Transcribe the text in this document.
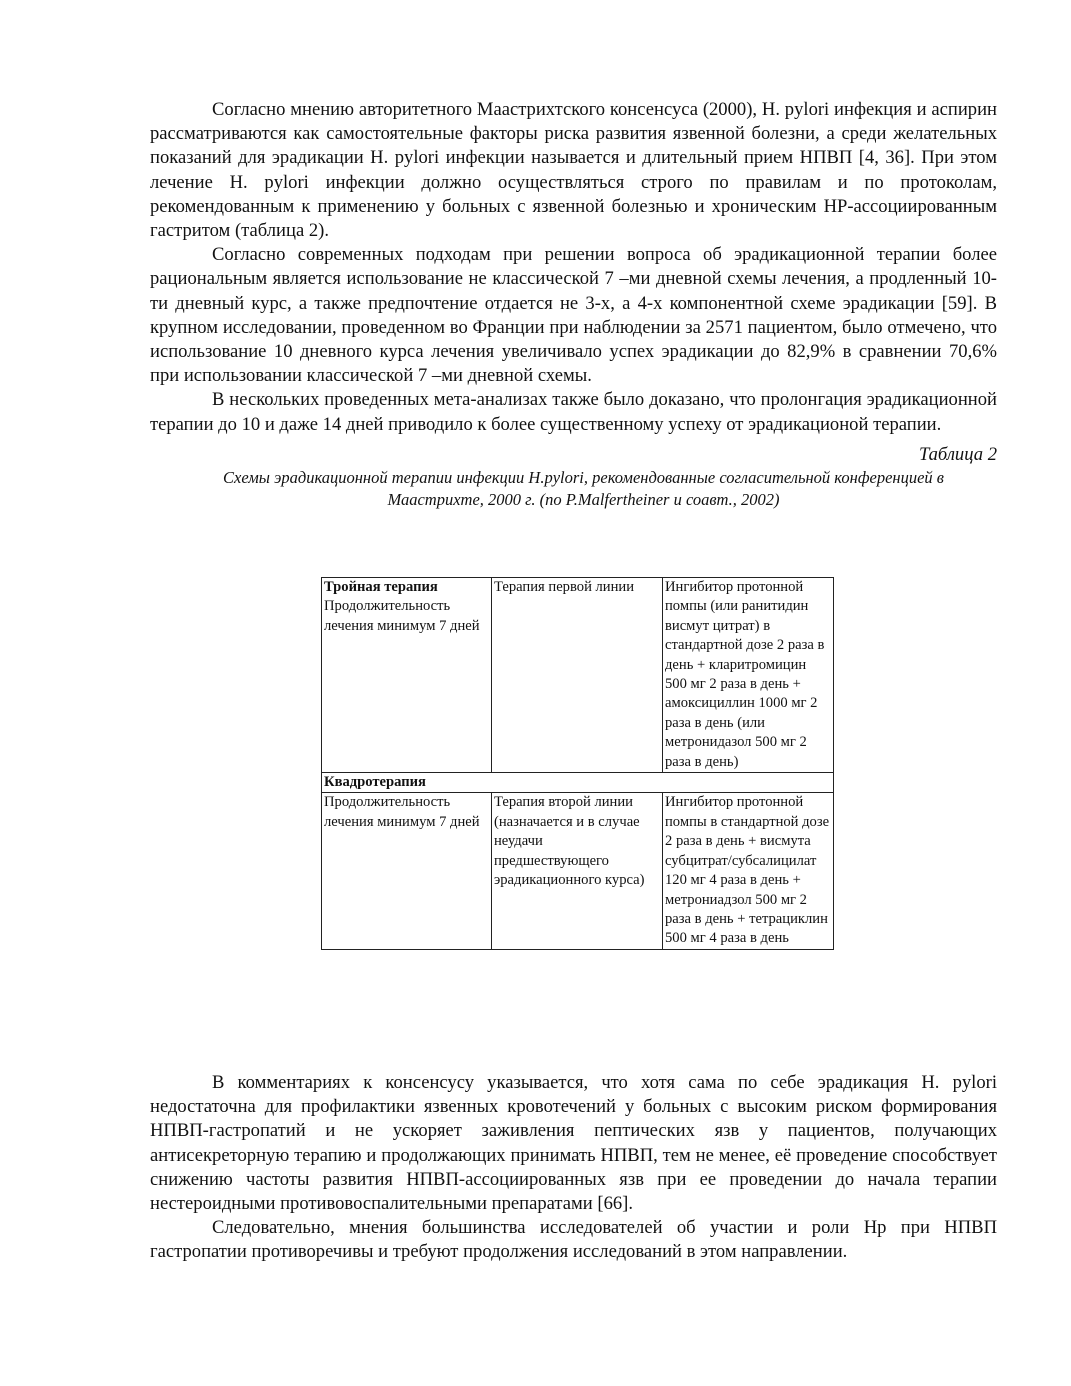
Согласно мнению авторитетного Маастрихтского консенсуса (2000), H. pylori инфекция и аспирин рассматриваются как самостоятельные факторы риска развития язвенной болезни, а среди желательных показаний для эрадикации H. pylori инфекции называется и длительный прием НПВП [4, 36]. При этом лечение H. pylori инфекции должно осуществляться строго по правилам и по протоколам, рекомендованным к применению у больных с язвенной болезнью и хроническим HP-ассоциированным гастритом (таблица 2).

Согласно современных подходам при решении вопроса об эрадикационной терапии более рациональным является использование не классической 7 –ми дневной схемы лечения, а продленный 10-ти дневный курс, а также предпочтение отдается не 3-х, а 4-х компонентной схеме эрадикации [59]. В крупном исследовании, проведенном во Франции при наблюдении за 2571 пациентом, было отмечено, что использование 10 дневного курса лечения увеличивало успех эрадикации до 82,9% в сравнении 70,6% при использовании классической 7 –ми дневной схемы.

В нескольких проведенных мета-анализах также было доказано, что пролонгация эрадикационной терапии до 10 и даже 14 дней приводило к более существенному успеху от эрадикационой терапии.

Таблица 2

Схемы эрадикационной терапии инфекции H.pylori, рекомендованные согласительной конференцией в Маастрихте, 2000 г. (по P.Malfertheiner и соавт., 2002)

Тройная терапия
Продолжительность лечения минимум 7 дней	Терапия первой линии	Ингибитор протонной помпы (или ранитидин висмут цитрат) в стандартной дозе 2 раза в день + кларитромицин 500 мг 2 раза в день + амоксициллин 1000 мг 2 раза в день (или метронидазол 500 мг 2 раза в день)
Квадротерапия		
Продолжительность лечения минимум 7 дней	Терапия второй линии (назначается и в случае неудачи предшествующего эрадикационного курса)	Ингибитор протонной помпы в стандартной дозе 2 раза в день + висмута субцитрат/субсалицилат 120 мг 4 раза в день + метрониадзол 500 мг 2 раза в день + тетрациклин 500 мг 4 раза в день

В комментариях к консенсусу указывается, что хотя сама по себе эрадикация H. pylori недостаточна для профилактики язвенных кровотечений у больных с высоким риском формирования НПВП-гастропатий и не ускоряет заживления пептических язв у пациентов, получающих антисекреторную терапию и продолжающих принимать НПВП, тем не менее, её проведение способствует снижению частоты развития НПВП-ассоциированных язв при ее проведении до начала терапии нестероидными противовоспалительными препаратами [66].

Следовательно, мнения большинства исследователей об участии и роли Hp при НПВП гастропатии противоречивы и требуют продолжения исследований в этом направлении.
